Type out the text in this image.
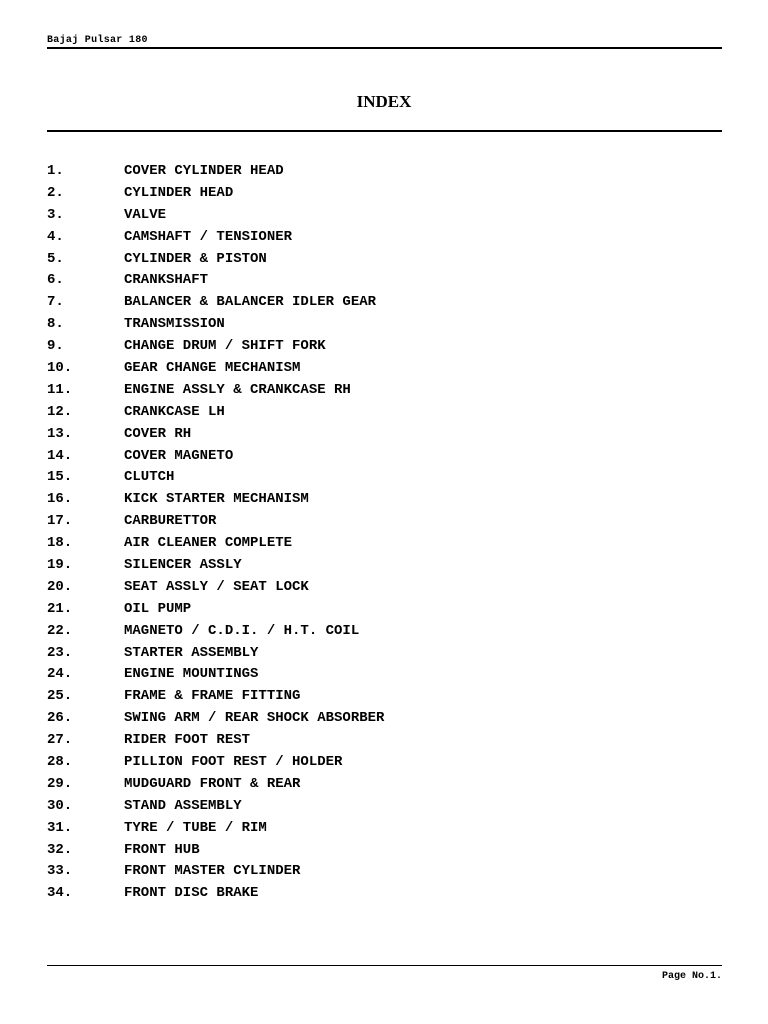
Bajaj Pulsar 180
INDEX
1.	COVER CYLINDER HEAD
2.	CYLINDER HEAD
3.	VALVE
4.	CAMSHAFT / TENSIONER
5.	CYLINDER & PISTON
6.	CRANKSHAFT
7.	BALANCER & BALANCER IDLER GEAR
8.	TRANSMISSION
9.	CHANGE DRUM / SHIFT FORK
10.	GEAR CHANGE MECHANISM
11.	ENGINE ASSLY & CRANKCASE RH
12.	CRANKCASE LH
13.	COVER RH
14.	COVER MAGNETO
15.	CLUTCH
16.	KICK STARTER MECHANISM
17.	CARBURETTOR
18.	AIR CLEANER COMPLETE
19.	SILENCER ASSLY
20.	SEAT ASSLY / SEAT LOCK
21.	OIL PUMP
22.	MAGNETO / C.D.I. / H.T. COIL
23.	STARTER ASSEMBLY
24.	ENGINE MOUNTINGS
25.	FRAME & FRAME FITTING
26.	SWING ARM / REAR SHOCK ABSORBER
27.	RIDER FOOT REST
28.	PILLION FOOT REST / HOLDER
29.	MUDGUARD FRONT & REAR
30.	STAND ASSEMBLY
31.	TYRE / TUBE / RIM
32.	FRONT HUB
33.	FRONT MASTER CYLINDER
34.	FRONT DISC BRAKE
Page No.1.
